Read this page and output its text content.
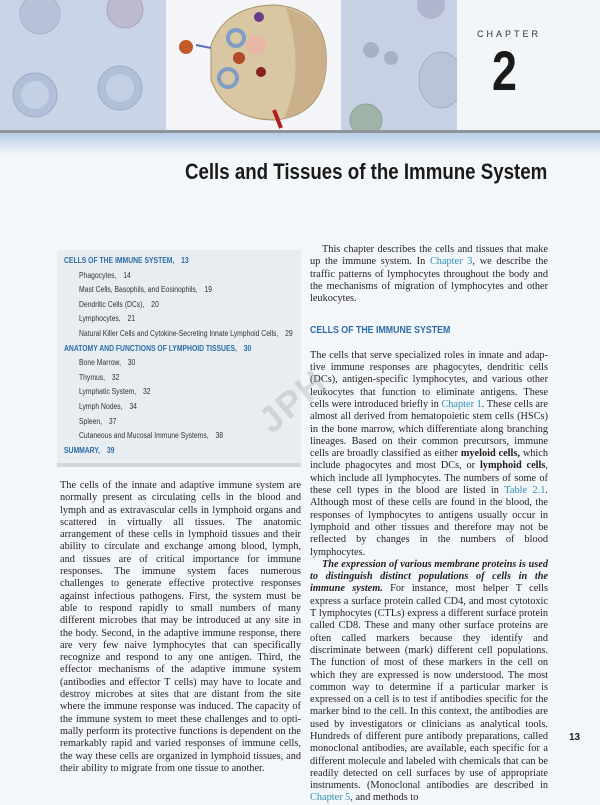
CHAPTER
2
Cells and Tissues of the Immune System
CELLS OF THE IMMUNE SYSTEM, 13
Phagocytes, 14
Mast Cells, Basophils, and Eosinophils, 19
Dendritic Cells (DCs), 20
Lymphocytes, 21
Natural Killer Cells and Cytokine-Secreting Innate Lymphoid Cells, 29
ANATOMY AND FUNCTIONS OF LYMPHOID TISSUES, 30
Bone Marrow, 30
Thymus, 32
Lymphatic System, 32
Lymph Nodes, 34
Spleen, 37
Cutaneous and Mucosal Immune Systems, 38
SUMMARY, 39
The cells of the innate and adaptive immune system are normally present as circulating cells in the blood and lymph and as extravascular cells in lymphoid organs and scattered in virtually all tissues. The anatomic arrangement of these cells in lymphoid tissues and their ability to circulate and exchange among blood, lymph, and tissues are of critical importance for immune responses. The immune system faces numerous challenges to generate effective protective responses against infectious pathogens. First, the system must be able to respond rapidly to small numbers of many different microbes that may be introduced at any site in the body. Second, in the adaptive immune response, there are very few naive lymphocytes that can specifically recognize and respond to any one antigen. Third, the effector mechanisms of the adaptive immune system (antibodies and effector T cells) may have to locate and destroy microbes at sites that are distant from the site where the immune response was induced. The capacity of the immune system to meet these challenges and to optimally perform its protective functions is dependent on the remarkably rapid and varied responses of immune cells, the way these cells are organized in lymphoid tissues, and their ability to migrate from one tissue to another.

This chapter describes the cells and tissues that make up the immune system. In Chapter 3, we describe the traffic patterns of lymphocytes throughout the body and the mechanisms of migration of lymphocytes and other leukocytes.

CELLS OF THE IMMUNE SYSTEM

The cells that serve specialized roles in innate and adaptive immune responses are phagocytes, dendritic cells (DCs), antigen-specific lymphocytes, and various other leukocytes that function to eliminate antigens. These cells were introduced briefly in Chapter 1. These cells are almost all derived from hematopoietic stem cells (HSCs) in the bone marrow, which differentiate along branching lineages. Based on their common precursors, immune cells are broadly classified as either myeloid cells, which include phagocytes and most DCs, or lymphoid cells, which include all lymphocytes. The numbers of some of these cell types in the blood are listed in Table 2.1. Although most of these cells are found in the blood, the responses of lymphocytes to antigens usually occur in lymphoid and other tissues and therefore may not be reflected by changes in the numbers of blood lymphocytes.

The expression of various membrane proteins is used to distinguish distinct populations of cells in the immune system. For instance, most helper T cells express a surface protein called CD4, and most cytotoxic T lymphocytes (CTLs) express a different surface protein called CD8. These and many other surface proteins are often called markers because they identify and discriminate between (mark) different cell populations. The function of most of these markers in the cell on which they are expressed is now understood. The most common way to determine if a particular marker is expressed on a cell is to test if antibodies specific for the marker bind to the cell. In this context, the antibodies are used by investigators or clinicians as analytical tools. Hundreds of different pure antibody preparations, called monoclonal antibodies, are available, each specific for a different molecule and labeled with chemicals that can be readily detected on cell surfaces by use of appropriate instruments. (Monoclonal antibodies are described in Chapter 5, and methods to

JPH
13
